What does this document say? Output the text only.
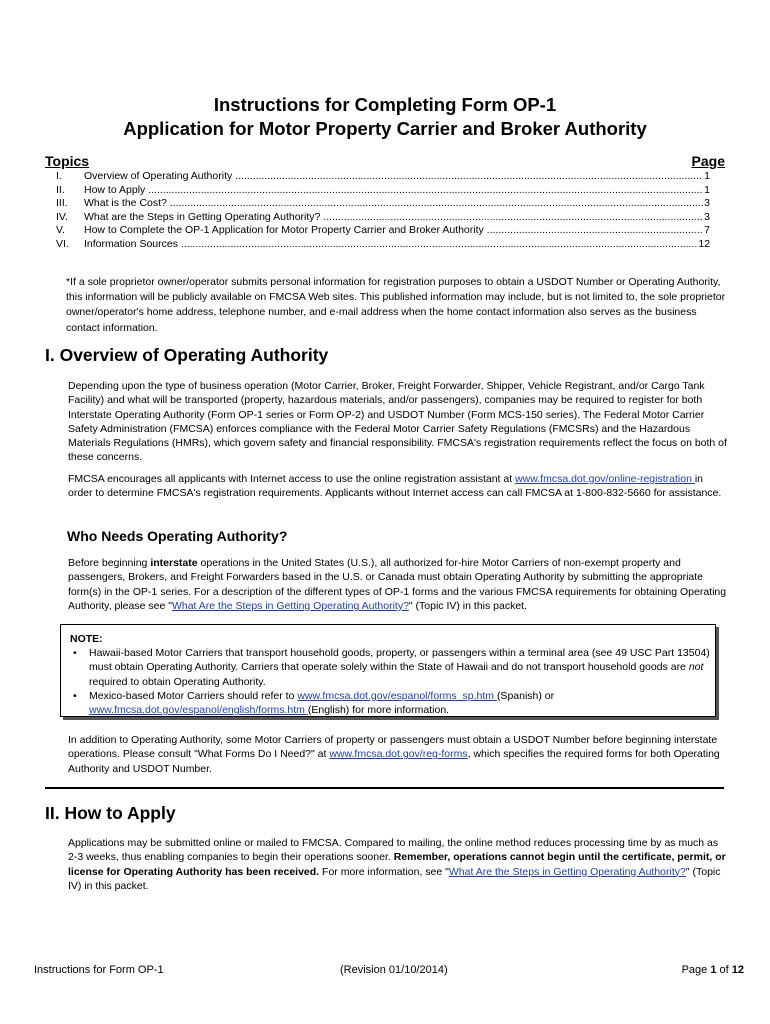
Instructions for Completing Form OP-1
Application for Motor Property Carrier and Broker Authority
Topics	Page
I.	Overview of Operating Authority .....	1
II.	How to Apply .....	1
III.	What is the Cost? .....	3
IV.	What are the Steps in Getting Operating Authority? .....	3
V.	How to Complete the OP-1 Application for Motor Property Carrier and Broker Authority .....	7
VI.	Information Sources .....	12
*If a sole proprietor owner/operator submits personal information for registration purposes to obtain a USDOT Number or Operating Authority, this information will be publicly available on FMCSA Web sites. This published information may include, but is not limited to, the sole proprietor owner/operator's home address, telephone number, and e-mail address when the home contact information also serves as the business contact information.
I. Overview of Operating Authority

Depending upon the type of business operation (Motor Carrier, Broker, Freight Forwarder, Shipper, Vehicle Registrant, and/or Cargo Tank Facility) and what will be transported (property, hazardous materials, and/or passengers), companies may be required to register for both Interstate Operating Authority (Form OP-1 series or Form OP-2) and USDOT Number (Form MCS-150 series). The Federal Motor Carrier Safety Administration (FMCSA) enforces compliance with the Federal Motor Carrier Safety Regulations (FMCSRs) and the Hazardous Materials Regulations (HMRs), which govern safety and financial responsibility. FMCSA's registration requirements reflect the focus on both of these concerns.

FMCSA encourages all applicants with Internet access to use the online registration assistant at www.fmcsa.dot.gov/online-registration in order to determine FMCSA's registration requirements. Applicants without Internet access can call FMCSA at 1-800-832-5660 for assistance.

Who Needs Operating Authority?

Before beginning interstate operations in the United States (U.S.), all authorized for-hire Motor Carriers of non-exempt property and passengers, Brokers, and Freight Forwarders based in the U.S. or Canada must obtain Operating Authority by submitting the appropriate form(s) in the OP-1 series. For a description of the different types of OP-1 forms and the various FMCSA requirements for obtaining Operating Authority, please see "What Are the Steps in Getting Operating Authority?" (Topic IV) in this packet.

NOTE:
• Hawaii-based Motor Carriers that transport household goods, property, or passengers within a terminal area (see 49 USC Part 13504) must obtain Operating Authority. Carriers that operate solely within the State of Hawaii and do not transport household goods are not required to obtain Operating Authority.
• Mexico-based Motor Carriers should refer to www.fmcsa.dot.gov/espanol/forms_sp.htm (Spanish) or www.fmcsa.dot.gov/espanol/english/forms.htm (English) for more information.

In addition to Operating Authority, some Motor Carriers of property or passengers must obtain a USDOT Number before beginning interstate operations. Please consult "What Forms Do I Need?" at www.fmcsa.dot.gov/reg-forms, which specifies the required forms for both Operating Authority and USDOT Number.

II. How to Apply

Applications may be submitted online or mailed to FMCSA. Compared to mailing, the online method reduces processing time by as much as 2-3 weeks, thus enabling companies to begin their operations sooner. Remember, operations cannot begin until the certificate, permit, or license for Operating Authority has been received. For more information, see "What Are the Steps in Getting Operating Authority?" (Topic IV) in this packet.

Instructions for Form OP-1	(Revision 01/10/2014)	Page 1 of 12
